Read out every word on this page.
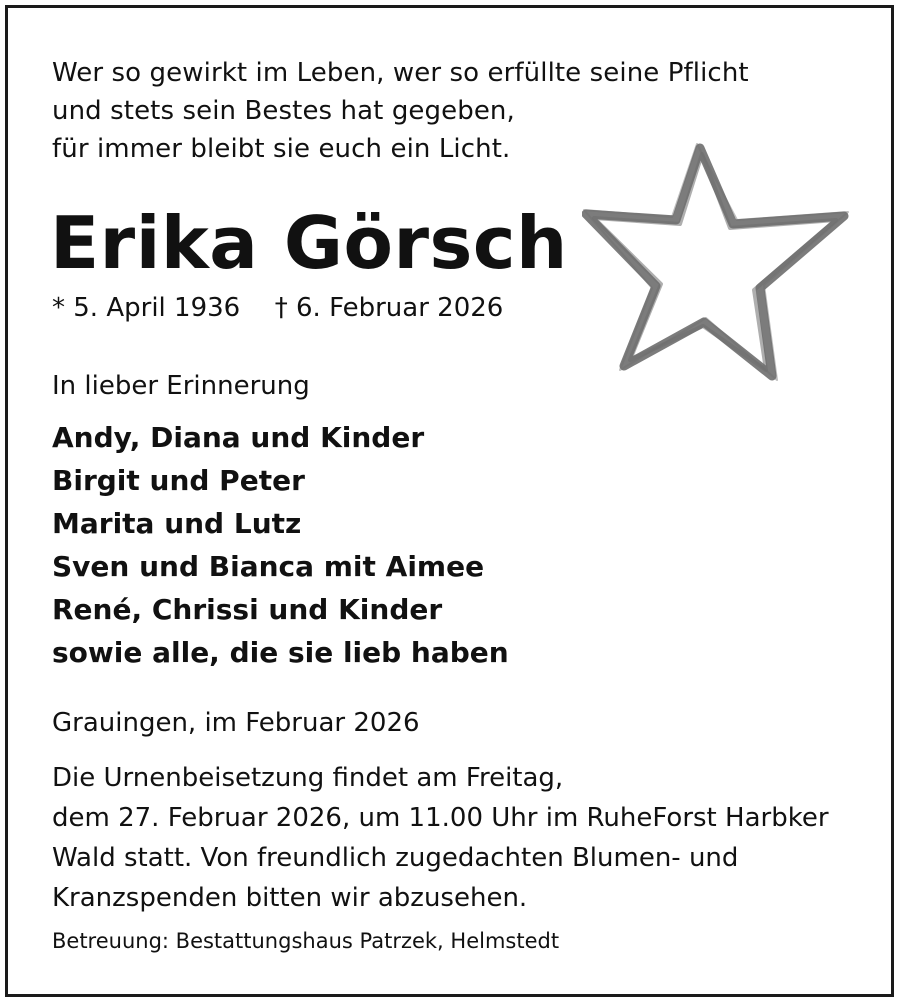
Wer so gewirkt im Leben, wer so erfüllte seine Pflicht
und stets sein Bestes hat gegeben,
für immer bleibt sie euch ein Licht.
Erika Görsch
* 5. April 1936 † 6. Februar 2026
In lieber Erinnerung
Andy, Diana und Kinder
Birgit und Peter
Marita und Lutz
Sven und Bianca mit Aimee
René, Chrissi und Kinder
sowie alle, die sie lieb haben
Grauingen, im Februar 2026
Die Urnenbeisetzung findet am Freitag,
dem 27. Februar 2026, um 11.00 Uhr im RuheForst Harbker
Wald statt. Von freundlich zugedachten Blumen- und
Kranzspenden bitten wir abzusehen.
Betreuung: Bestattungshaus Patrzek, Helmstedt
